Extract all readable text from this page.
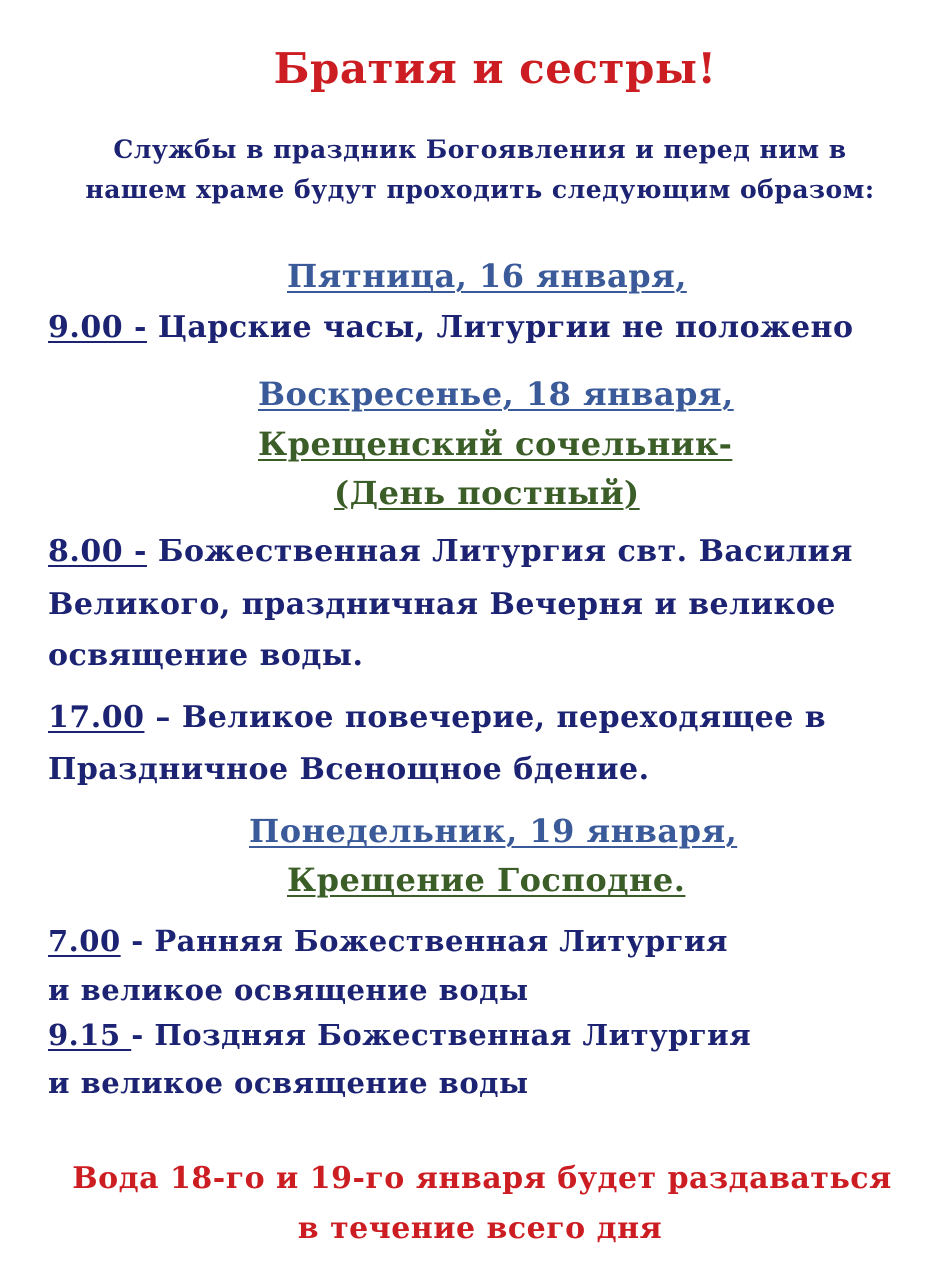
Братия и сестры!
Службы в праздник Богоявления и перед ним в
нашем храме будут проходить следующим образом:
Пятница, 16 января,
9.00 - Царские часы, Литургии не положено
Воскресенье, 18 января,
Крещенский сочельник-
(День постный)
8.00 - Божественная Литургия свт. Василия
Великого, праздничная Вечерня и великое
освящение воды.
17.00 – Великое повечерие, переходящее в
Праздничное Всенощное бдение.
Понедельник, 19 января,
Крещение Господне.
7.00 - Ранняя Божественная Литургия
и великое освящение воды
9.15 - Поздняя Божественная Литургия
и великое освящение воды
Вода 18-го и 19-го января будет раздаваться
в течение всего дня
